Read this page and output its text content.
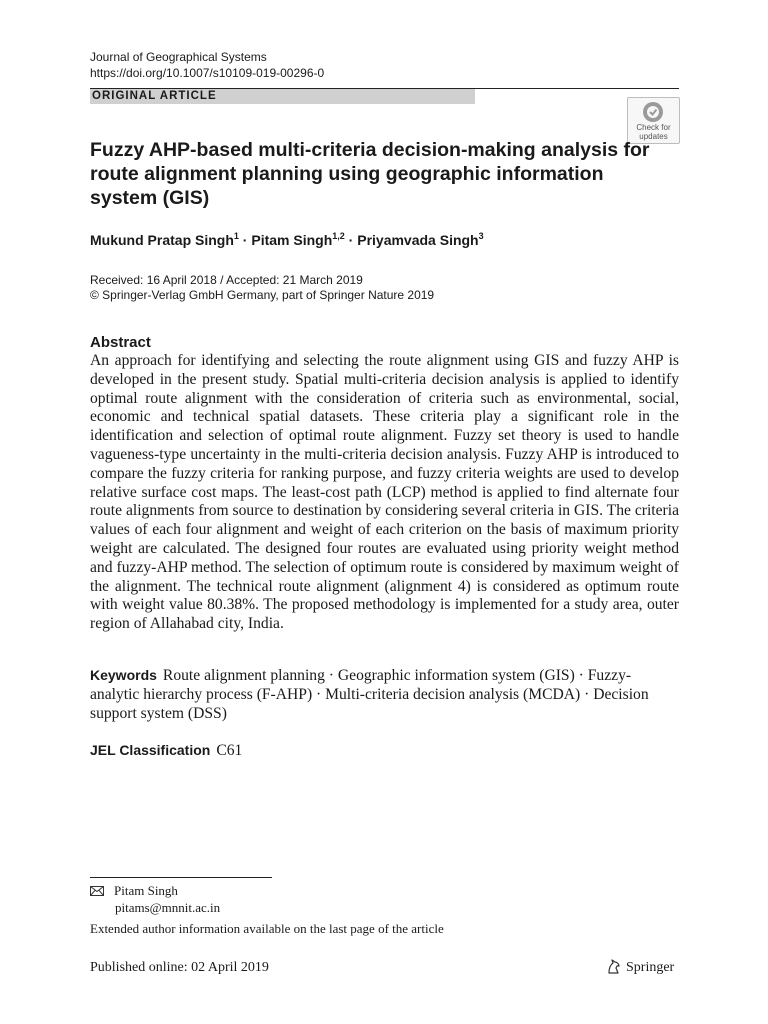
Journal of Geographical Systems
https://doi.org/10.1007/s10109-019-00296-0
ORIGINAL ARTICLE
Check for
updates
Fuzzy AHP-based multi-criteria decision-making analysis for route alignment planning using geographic information system (GIS)
Mukund Pratap Singh$^1$ · Pitam Singh$^{1,2}$ · Priyamvada Singh$^3$
Received: 16 April 2018 / Accepted: 21 March 2019
© Springer-Verlag GmbH Germany, part of Springer Nature 2019
Abstract

An approach for identifying and selecting the route alignment using GIS and fuzzy AHP is developed in the present study. Spatial multi-criteria decision analysis is applied to identify optimal route alignment with the consideration of criteria such as environmental, social, economic and technical spatial datasets. These criteria play a significant role in the identification and selection of optimal route alignment. Fuzzy set theory is used to handle vagueness-type uncertainty in the multi-criteria decision analysis. Fuzzy AHP is introduced to compare the fuzzy criteria for ranking purpose, and fuzzy criteria weights are used to develop relative surface cost maps. The least-cost path (LCP) method is applied to find alternate four route alignments from source to destination by considering several criteria in GIS. The criteria values of each four alignment and weight of each criterion on the basis of maximum priority weight are calculated. The designed four routes are evaluated using priority weight method and fuzzy-AHP method. The selection of optimum route is considered by maximum weight of the alignment. The technical route alignment (alignment 4) is considered as optimum route with weight value 80.38%. The proposed methodology is implemented for a study area, outer region of Allahabad city, India.

Keywords Route alignment planning · Geographic information system (GIS) · Fuzzy-analytic hierarchy process (F-AHP) · Multi-criteria decision analysis (MCDA) · Decision support system (DSS)
JEL Classification C61
Pitam Singh
pitams@mnnit.ac.in
Extended author information available on the last page of the article
Published online: 02 April 2019	Springer
